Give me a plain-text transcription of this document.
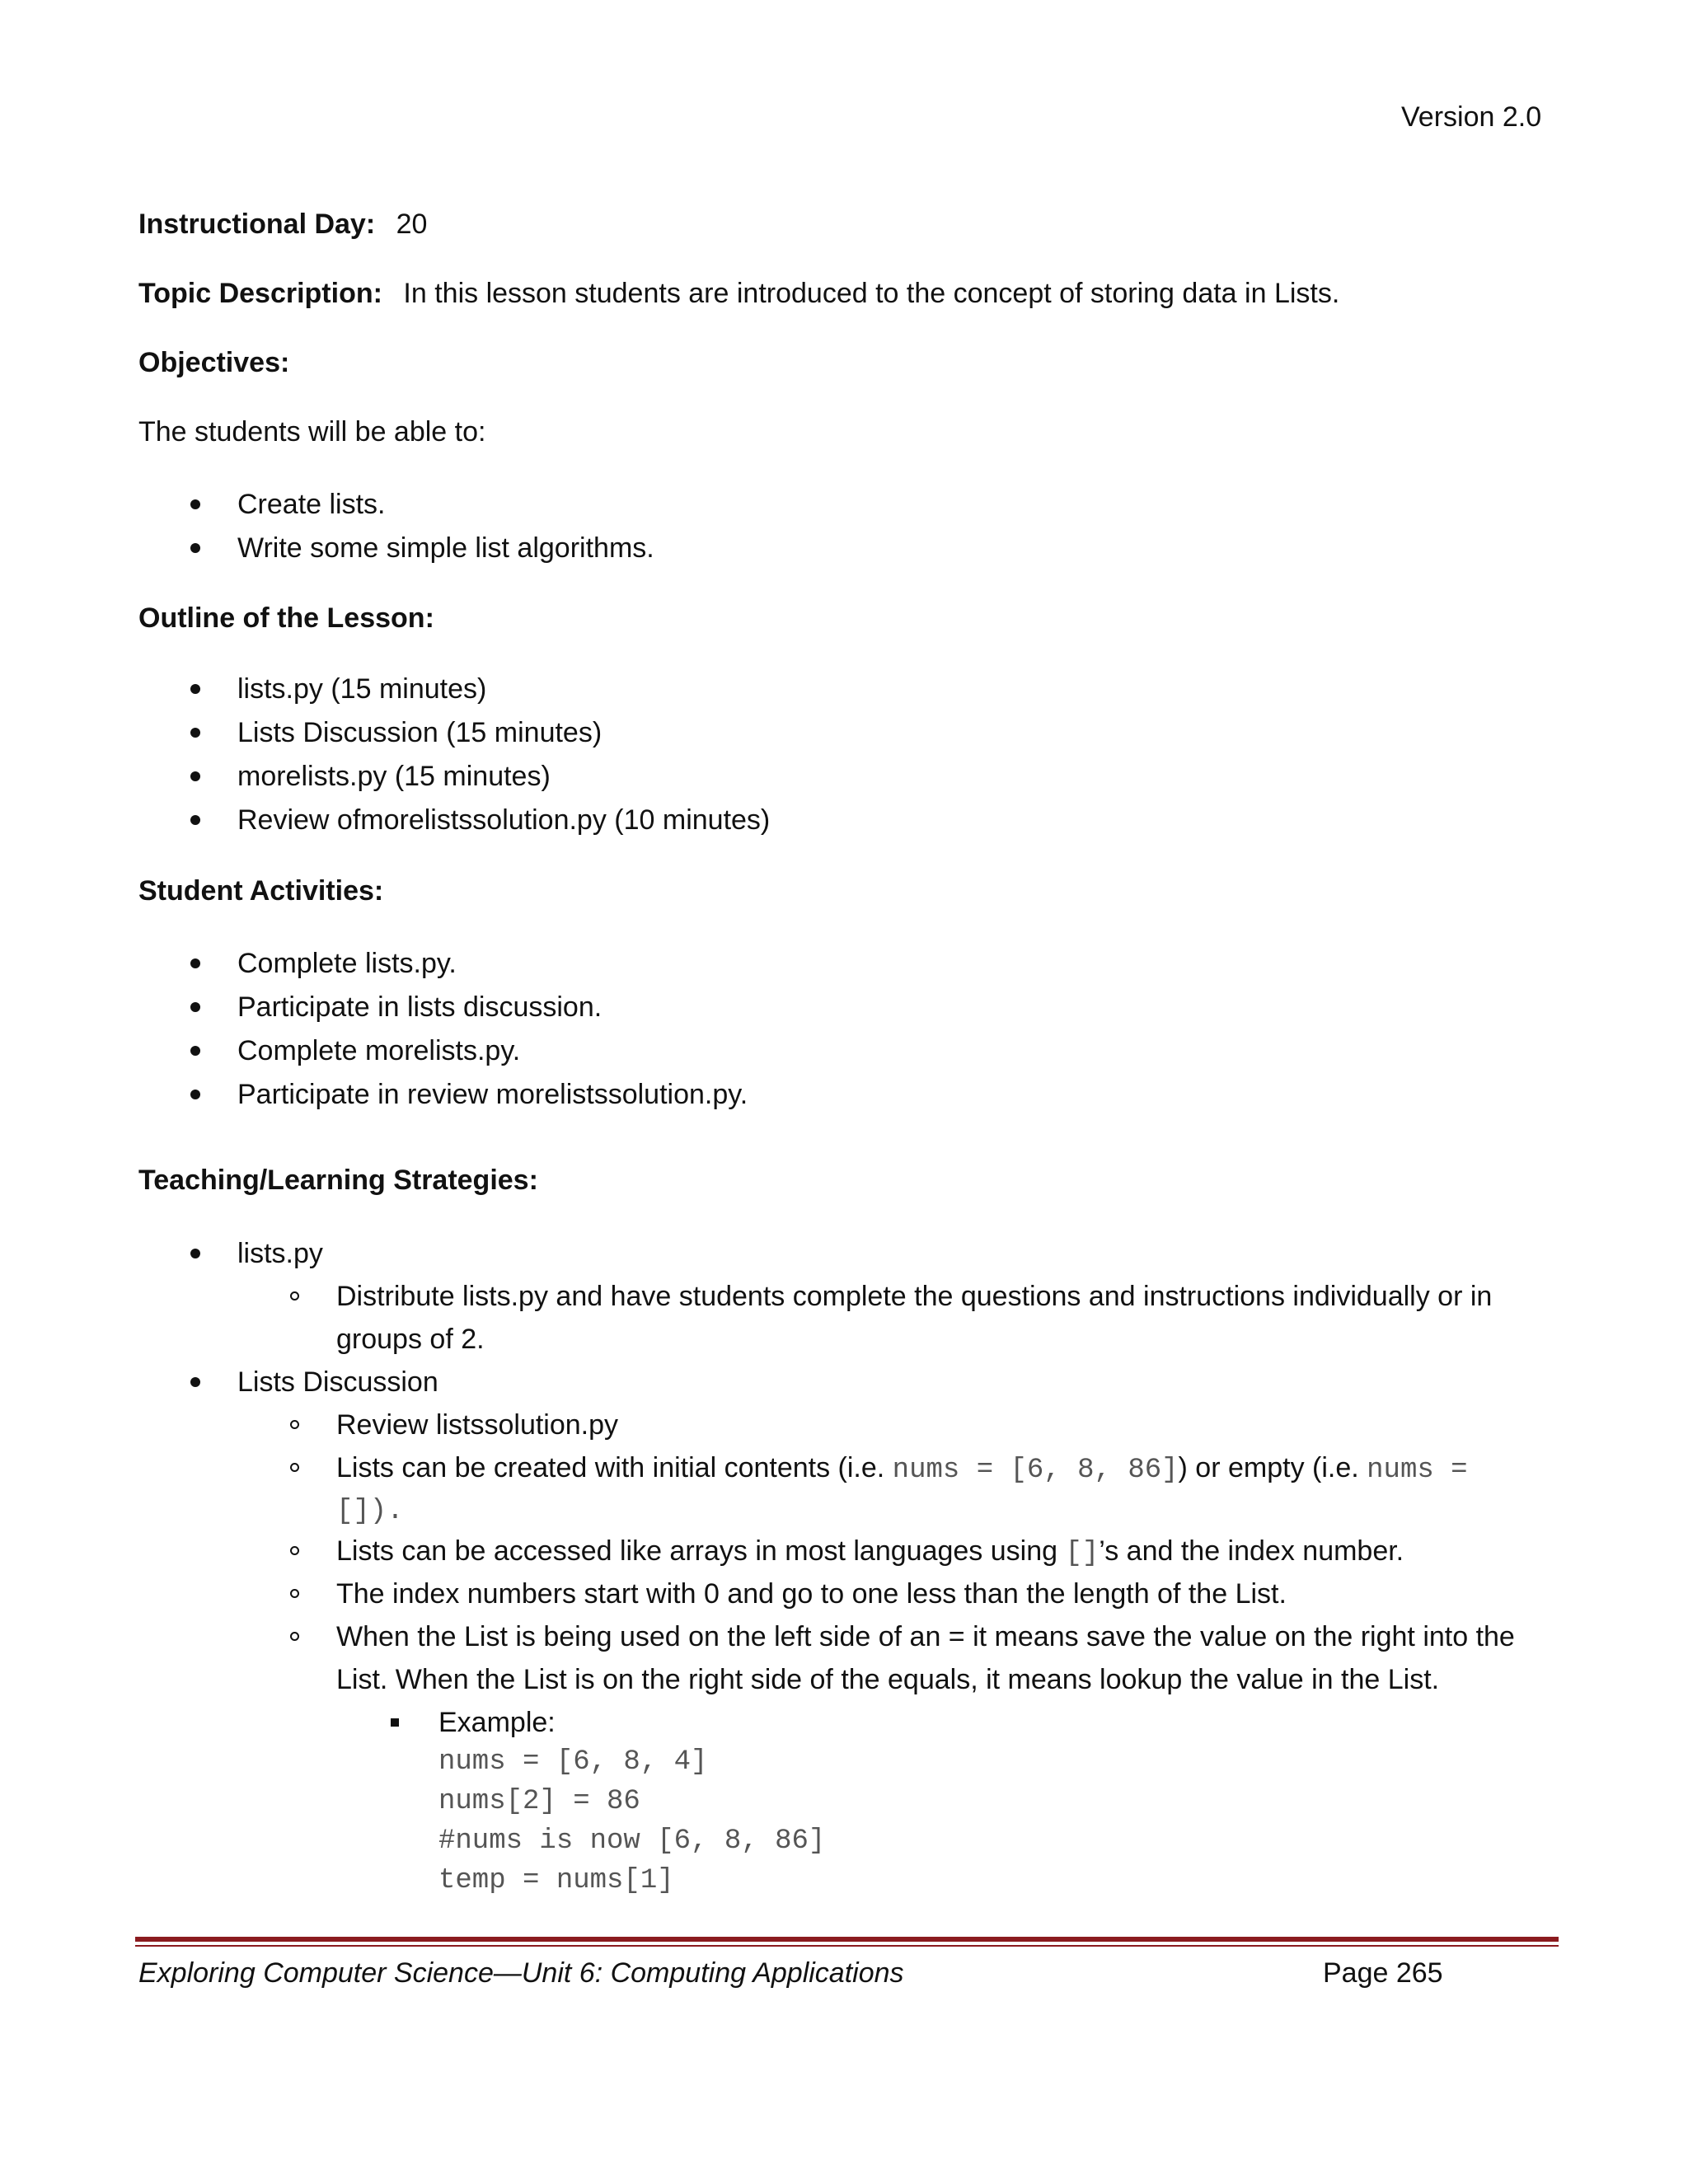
Version 2.0
Instructional Day: 20
Topic Description: In this lesson students are introduced to the concept of storing data in Lists.
Objectives:
The students will be able to:
Create lists.
Write some simple list algorithms.
Outline of the Lesson:
lists.py (15 minutes)
Lists Discussion (15 minutes)
morelists.py (15 minutes)
Review ofmorelistssolution.py (10 minutes)
Student Activities:
Complete lists.py.
Participate in lists discussion.
Complete morelists.py.
Participate in review morelistssolution.py.
Teaching/Learning Strategies:
lists.py
Distribute lists.py and have students complete the questions and instructions individually or in
groups of 2.
Lists Discussion
Review listssolution.py
Lists can be created with initial contents (i.e. nums = [6, 8, 86]) or empty (i.e. nums =
[]).
Lists can be accessed like arrays in most languages using []’s and the index number.
The index numbers start with 0 and go to one less than the length of the List.
When the List is being used on the left side of an = it means save the value on the right into the
List. When the List is on the right side of the equals, it means lookup the value in the List.
Example:
nums = [6, 8, 4]
nums[2] = 86
#nums is now [6, 8, 86]
temp = nums[1]
Exploring Computer Science—Unit 6: Computing Applications	Page 265
